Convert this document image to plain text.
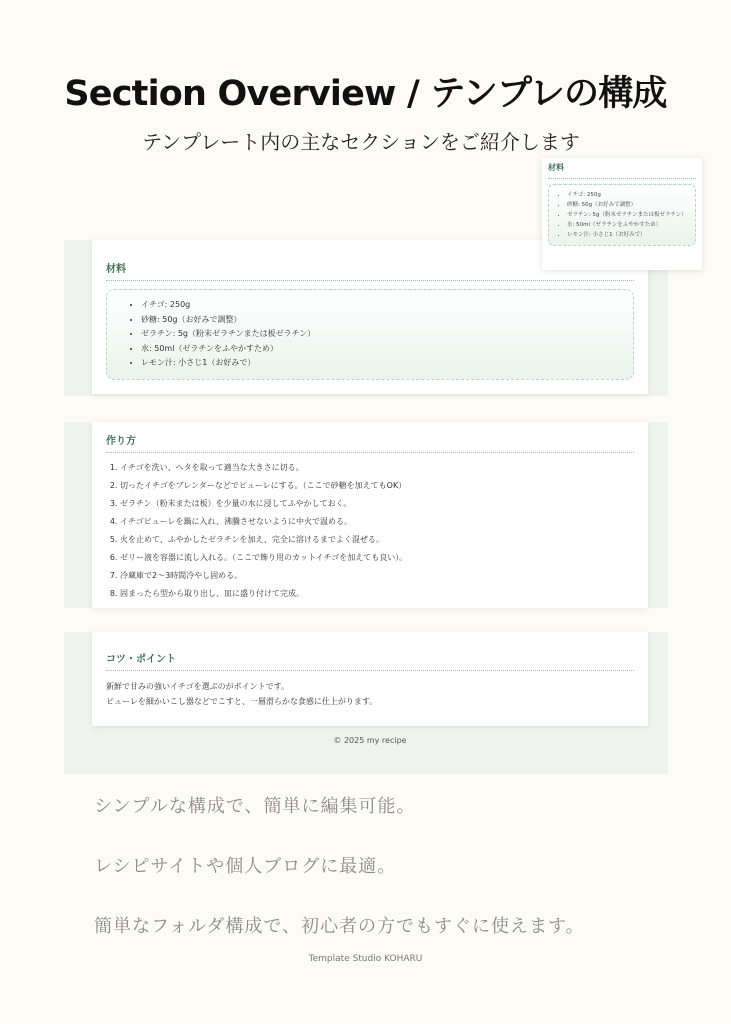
Section Overview / テンプレの構成
テンプレート内の主なセクションをご紹介します
材料
• イチゴ: 250g
• 砂糖: 50g（お好みで調整）
• ゼラチン: 5g（粉末ゼラチンまたは板ゼラチン）
• 水: 50ml（ゼラチンをふやかすため）
• レモン汁: 小さじ1（お好みで）
作り方
1. イチゴを洗い、ヘタを取って適当な大きさに切る。
2. 切ったイチゴをブレンダーなどでピューレにする。（ここで砂糖を加えてもOK）
3. ゼラチン（粉末または板）を少量の水に浸してふやかしておく。
4. イチゴピューレを鍋に入れ、沸騰させないように中火で温める。
5. 火を止めて、ふやかしたゼラチンを加え、完全に溶けるまでよく混ぜる。
6. ゼリー液を容器に流し入れる。（ここで飾り用のカットイチゴを加えても良い）。
7. 冷蔵庫で2〜3時間冷やし固める。
8. 固まったら型から取り出し、皿に盛り付けて完成。
コツ・ポイント
新鮮で甘みの強いイチゴを選ぶのがポイントです。
ピューレを細かいこし器などでこすと、一層滑らかな食感に仕上がります。
© 2025 my recipe
材料
• イチゴ: 250g
• 砂糖: 50g（お好みで調整）
• ゼラチン: 5g（粉末ゼラチンまたは板ゼラチン）
• 水: 50ml（ゼラチンをふやかすため）
• レモン汁: 小さじ1（お好みで）
シンプルな構成で、簡単に編集可能。
レシピサイトや個人ブログに最適。
簡単なフォルダ構成で、初心者の方でもすぐに使えます。
Template Studio KOHARU
